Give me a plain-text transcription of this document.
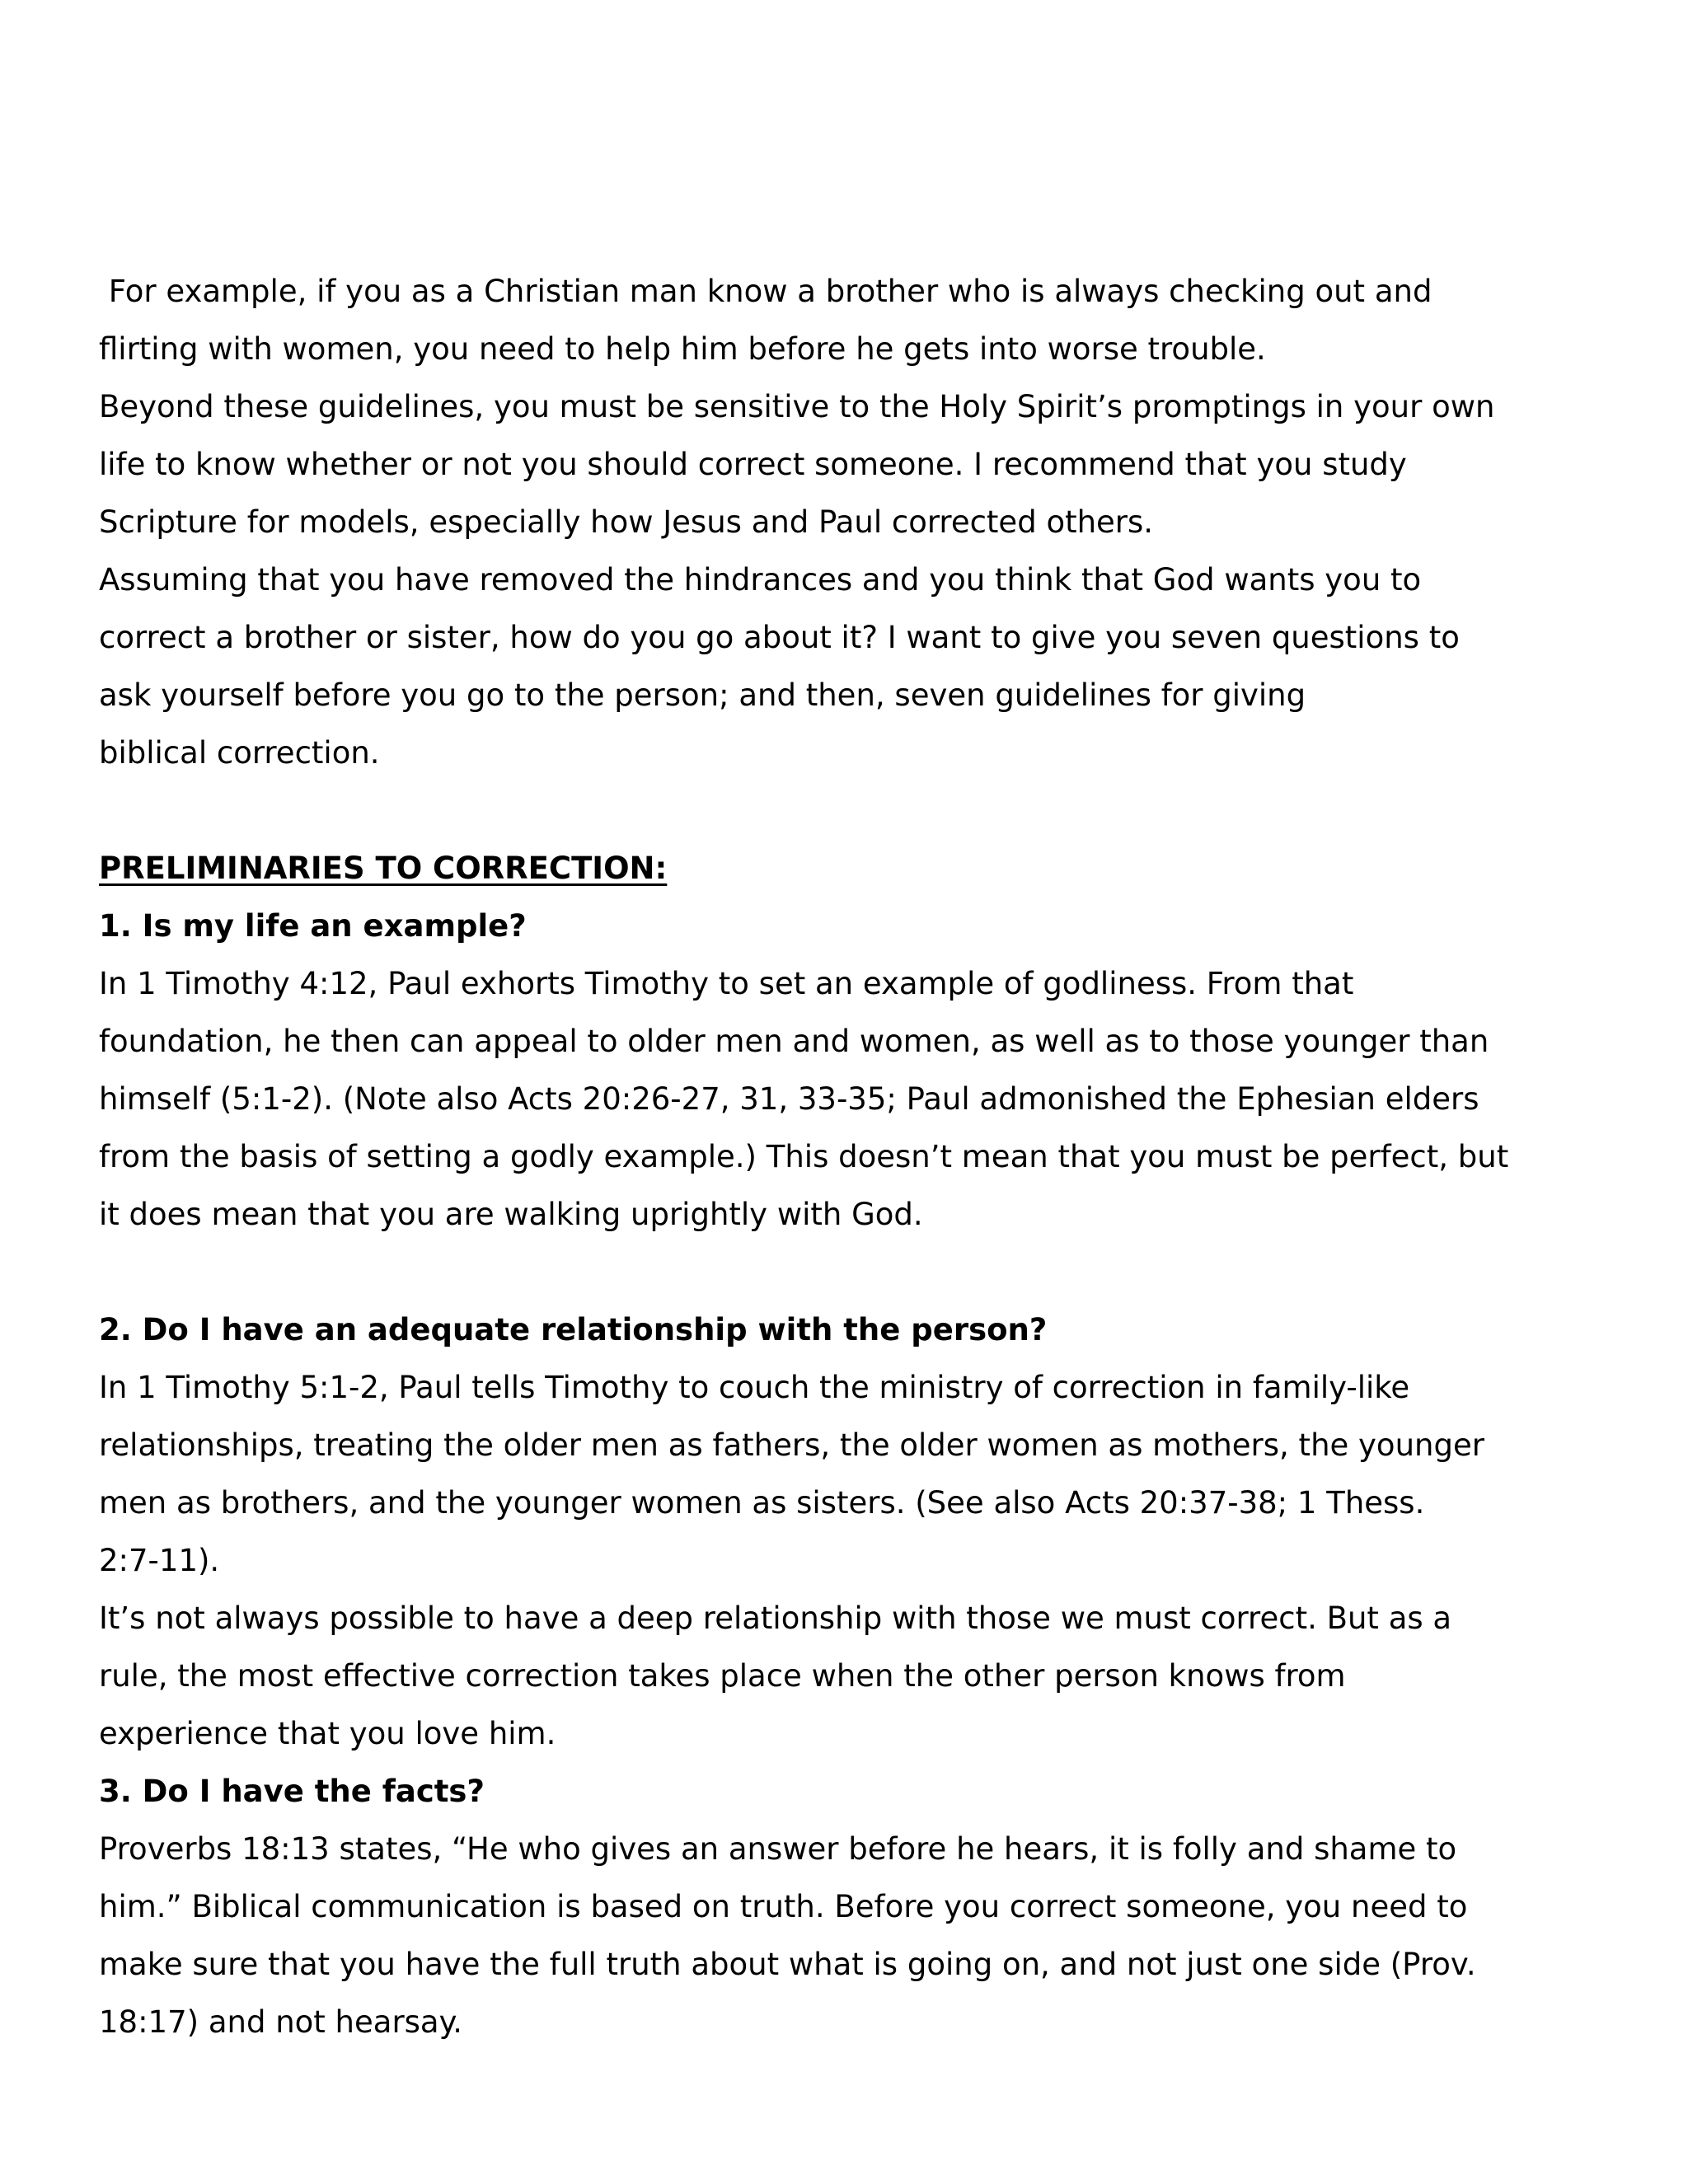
For example, if you as a Christian man know a brother who is always checking out and
flirting with women, you need to help him before he gets into worse trouble.
Beyond these guidelines, you must be sensitive to the Holy Spirit’s promptings in your own
life to know whether or not you should correct someone. I recommend that you study
Scripture for models, especially how Jesus and Paul corrected others.
Assuming that you have removed the hindrances and you think that God wants you to
correct a brother or sister, how do you go about it? I want to give you seven questions to
ask yourself before you go to the person; and then, seven guidelines for giving
biblical correction.
PRELIMINARIES TO CORRECTION:
1. Is my life an example?
In 1 Timothy 4:12, Paul exhorts Timothy to set an example of godliness. From that
foundation, he then can appeal to older men and women, as well as to those younger than
himself (5:1-2). (Note also Acts 20:26-27, 31, 33-35; Paul admonished the Ephesian elders
from the basis of setting a godly example.) This doesn’t mean that you must be perfect, but
it does mean that you are walking uprightly with God.
2. Do I have an adequate relationship with the person?
In 1 Timothy 5:1-2, Paul tells Timothy to couch the ministry of correction in family-like
relationships, treating the older men as fathers, the older women as mothers, the younger
men as brothers, and the younger women as sisters. (See also Acts 20:37-38; 1 Thess.
2:7-11).
It’s not always possible to have a deep relationship with those we must correct. But as a
rule, the most effective correction takes place when the other person knows from
experience that you love him.
3. Do I have the facts?
Proverbs 18:13 states, “He who gives an answer before he hears, it is folly and shame to
him.” Biblical communication is based on truth. Before you correct someone, you need to
make sure that you have the full truth about what is going on, and not just one side (Prov.
18:17) and not hearsay.
